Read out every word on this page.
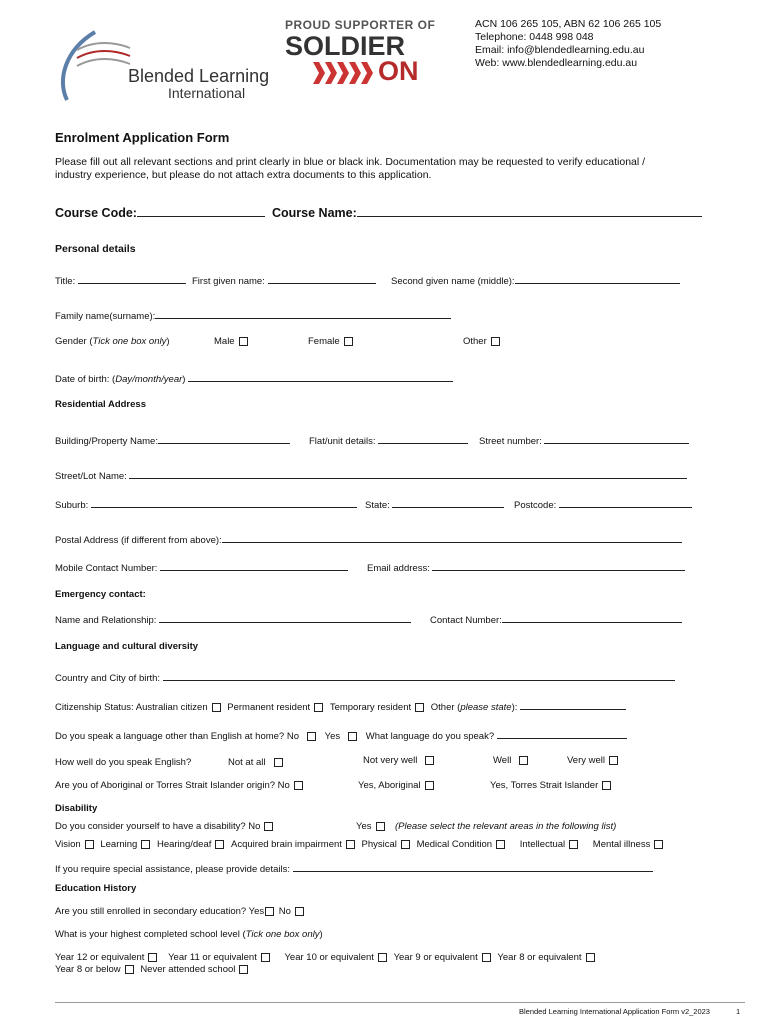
Blended Learning
International
PROUD SUPPORTER OF
SOLDIER
ON
ACN 106 265 105, ABN 62 106 265 105
Telephone: 0448 998 048
Email: info@blendedlearning.edu.au
Web: www.blendedlearning.edu.au
Enrolment Application Form
Please fill out all relevant sections and print clearly in blue or black ink. Documentation may be requested to verify educational /
industry experience, but please do not attach extra documents to this application.
Course Code:	Course Name:
Personal details
Title:	First given name:	Second given name (middle):
Family name(surname):
Gender (Tick one box only)	Male	Female	Other
Date of birth: (Day/month/year)
Residential Address
Building/Property Name:	Flat/unit details:	Street number:
Street/Lot Name:
Suburb:	State:	Postcode:
Postal Address (if different from above):
Mobile Contact Number:	Email address:
Emergency contact:
Name and Relationship:	Contact Number:
Language and cultural diversity
Country and City of birth:
Citizenship Status: Australian citizen Permanent resident Temporary resident Other (please state):
Do you speak a language other than English at home? No	Yes	What language do you speak?
How well do you speak English?	Not at all	Not very well	Well	Very well
Are you of Aboriginal or Torres Strait Islander origin? No	Yes, Aboriginal	Yes, Torres Strait Islander
Disability
Do you consider yourself to have a disability? No	Yes	(Please select the relevant areas in the following list)
Vision Learning Hearing/deaf Acquired brain impairment Physical Medical Condition	Intellectual	Mental illness
If you require special assistance, please provide details:
Education History
Are you still enrolled in secondary education? Yes No
What is your highest completed school level (Tick one box only)
Year 12 or equivalent Year 11 or equivalent	Year 10 or equivalent Year 9 or equivalent Year 8 or equivalent
Year 8 or below Never attended school
Blended Learning International Application Form v2_2023	1
